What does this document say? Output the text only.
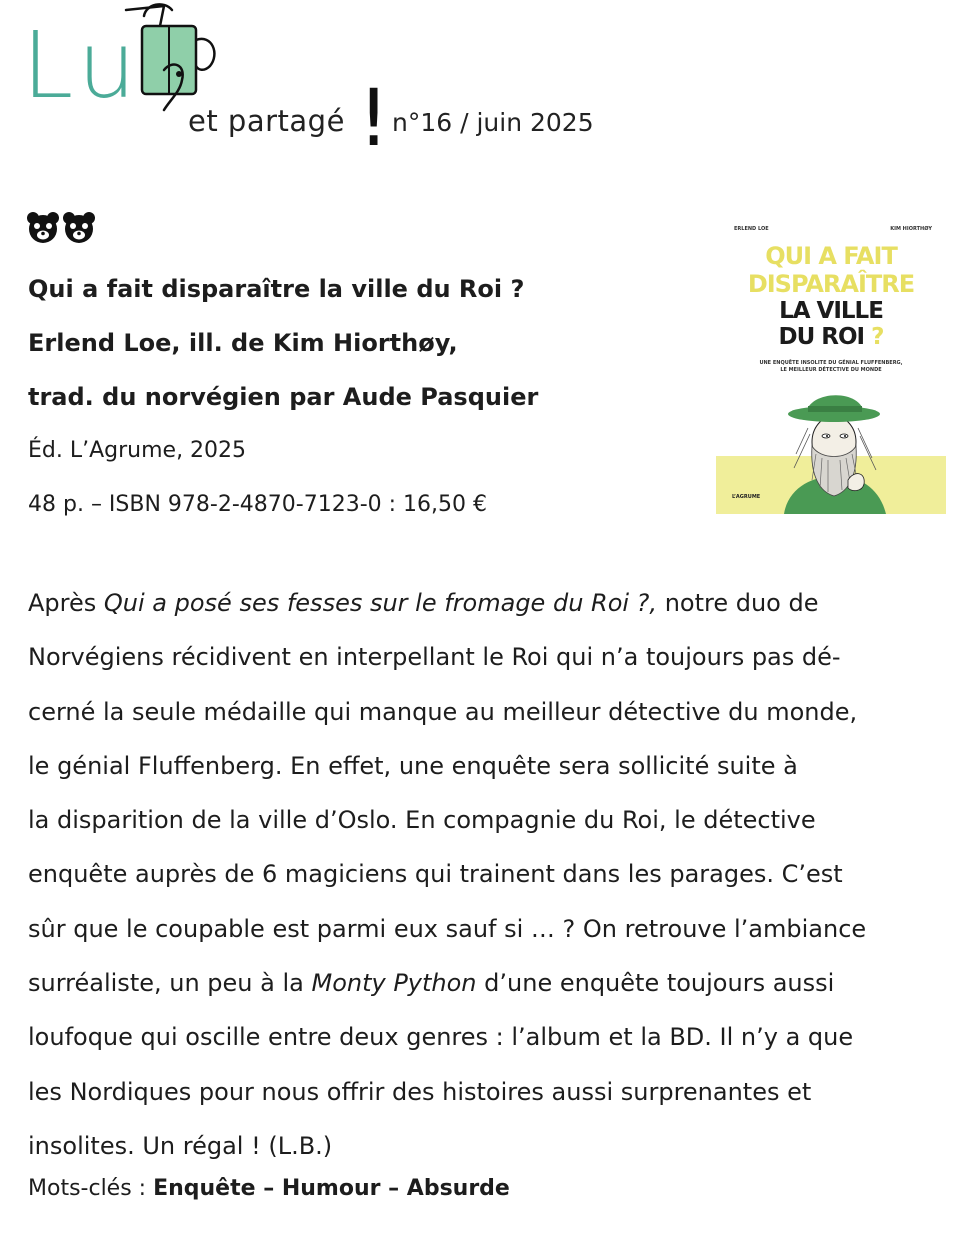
Lu
et partagé ! n°16 / juin 2025
Qui a fait disparaître la ville du Roi ?
Erlend Loe, ill. de Kim Hiorthøy,
trad. du norvégien par Aude Pasquier
Éd. L’Agrume, 2025
48 p. – ISBN 978-2-4870-7123-0 : 16,50 €
ERLEND LOE	KIM HIORTHØY
QUI A FAIT
DISPARAÎTRE
LA VILLE
DU ROI ?
UNE ENQUÊTE INSOLITE DU GÉNIAL FLUFFENBERG,
LE MEILLEUR DÉTECTIVE DU MONDE
L’AGRUME
Après Qui a posé ses fesses sur le fromage du Roi ?, notre duo de
Norvégiens récidivent en interpellant le Roi qui n’a toujours pas dé-
cerné la seule médaille qui manque au meilleur détective du monde,
le génial Fluffenberg. En effet, une enquête sera sollicité suite à
la disparition de la ville d’Oslo. En compagnie du Roi, le détective
enquête auprès de 6 magiciens qui trainent dans les parages. C’est
sûr que le coupable est parmi eux sauf si … ? On retrouve l’ambiance
surréaliste, un peu à la Monty Python d’une enquête toujours aussi
loufoque qui oscille entre deux genres : l’album et la BD. Il n’y a que
les Nordiques pour nous offrir des histoires aussi surprenantes et
insolites. Un régal ! (L.B.)
Mots-clés : Enquête – Humour – Absurde
